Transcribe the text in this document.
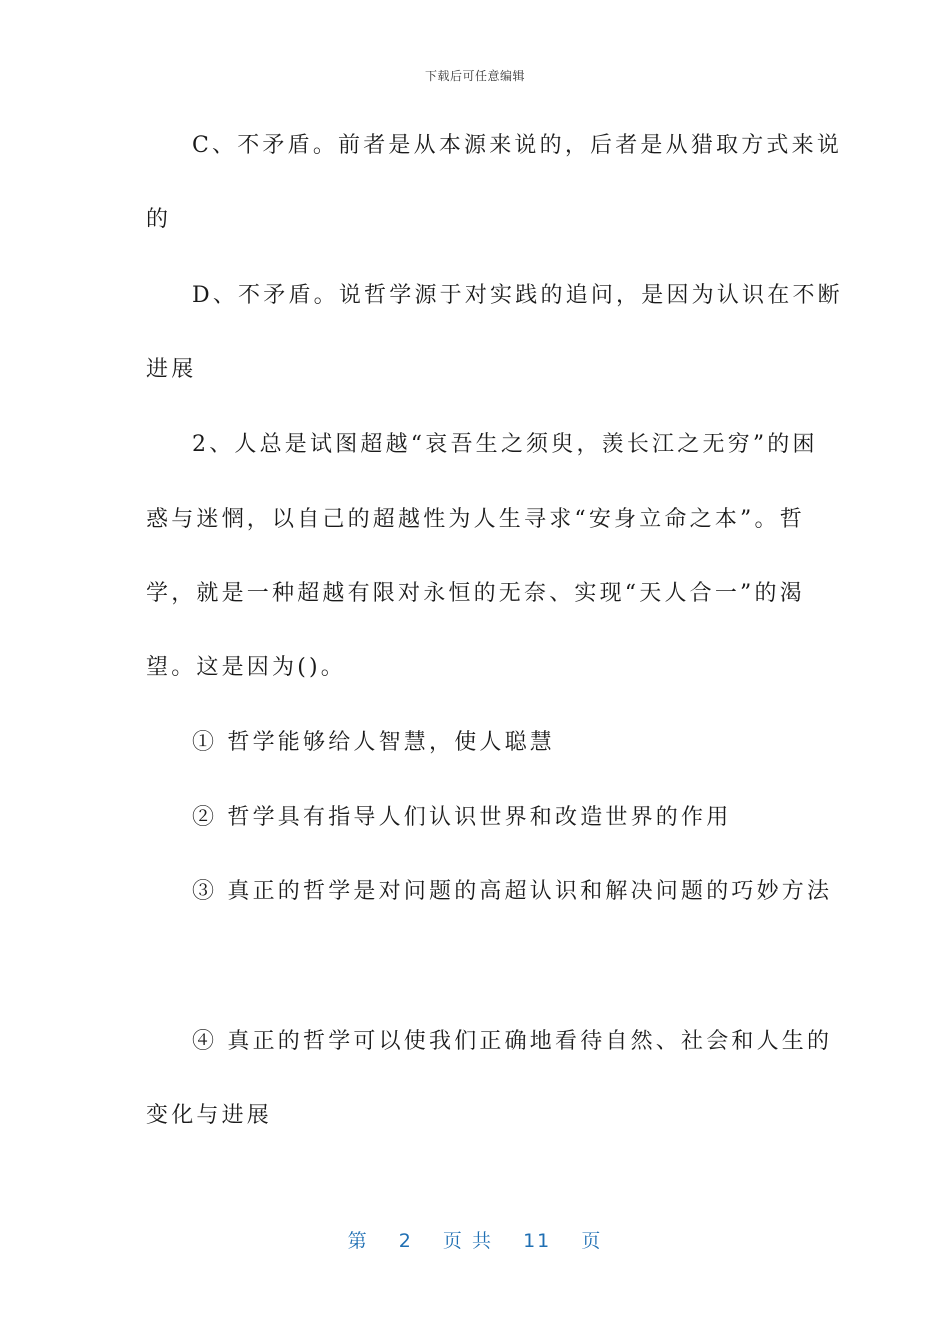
下载后可任意编辑
C、不矛盾。前者是从本源来说的，后者是从猎取方式来说
的
D、不矛盾。说哲学源于对实践的追问，是因为认识在不断
进展
2、人总是试图超越“哀吾生之须臾，羡长江之无穷”的困
惑与迷惘，以自己的超越性为人生寻求“安身立命之本”。哲
学，就是一种超越有限对永恒的无奈、实现“天人合一”的渴
望。这是因为()。
① 哲学能够给人智慧，使人聪慧
② 哲学具有指导人们认识世界和改造世界的作用
③ 真正的哲学是对问题的高超认识和解决问题的巧妙方法
④ 真正的哲学可以使我们正确地看待自然、社会和人生的
变化与进展
第 2 页 共 11 页
